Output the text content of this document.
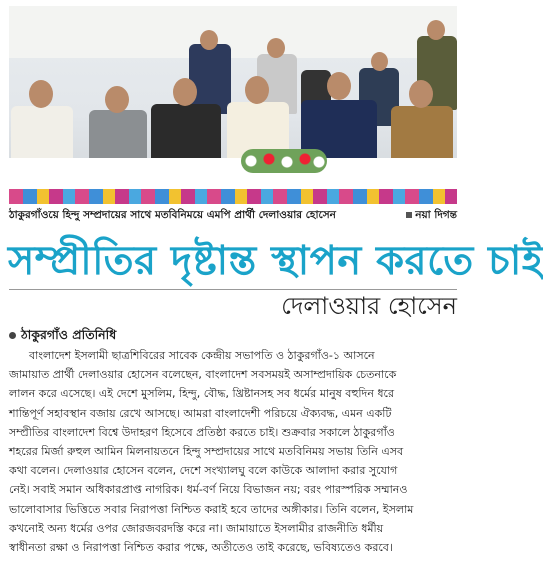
ঠাকুরগাঁওয়ে হিন্দু সম্প্রদায়ের সাথে মতবিনিময়ে এমপি প্রার্থী দেলাওয়ার হোসেন	নয়া দিগন্ত
সম্প্রীতির দৃষ্টান্ত স্থাপন করতে চাই
দেলাওয়ার হোসেন
ঠাকুরগাঁও প্রতিনিধি
বাংলাদেশ ইসলামী ছাত্রশিবিরের সাবেক কেন্দ্রীয় সভাপতি ও ঠাকুরগাঁও-১ আসনে
জামায়াত প্রার্থী দেলাওয়ার হোসেন বলেছেন, বাংলাদেশ সবসময়ই অসাম্প্রদায়িক চেতনাকে
লালন করে এসেছে। এই দেশে মুসলিম, হিন্দু, বৌদ্ধ, খ্রিষ্টানসহ সব ধর্মের মানুষ বহুদিন ধরে
শান্তিপূর্ণ সহাবস্থান বজায় রেখে আসছে। আমরা বাংলাদেশী পরিচয়ে ঐক্যবদ্ধ, এমন একটি
সম্প্রীতির বাংলাদেশ বিশ্বে উদাহরণ হিসেবে প্রতিষ্ঠা করতে চাই। শুক্রবার সকালে ঠাকুরগাঁও
শহরের মির্জা রুহুল আমিন মিলনায়তনে হিন্দু সম্প্রদায়ের সাথে মতবিনিময় সভায় তিনি এসব
কথা বলেন। দেলাওয়ার হোসেন বলেন, দেশে সংখ্যালঘু বলে কাউকে আলাদা করার সুযোগ
নেই। সবাই সমান অধিকারপ্রাপ্ত নাগরিক। ধর্ম-বর্ণ নিয়ে বিভাজন নয়; বরং পারস্পরিক সম্মানও
ভালোবাসার ভিত্তিতে সবার নিরাপত্তা নিশ্চিত করাই হবে তাদের অঙ্গীকার। তিনি বলেন, ইসলাম
কখনোই অন্য ধর্মের ওপর জোরজবরদস্তি করে না। জামায়াতে ইসলামীর রাজনীতি ধর্মীয়
স্বাধীনতা রক্ষা ও নিরাপত্তা নিশ্চিত করার পক্ষে, অতীতেও তাই করেছে, ভবিষ্যতেও করবে।
